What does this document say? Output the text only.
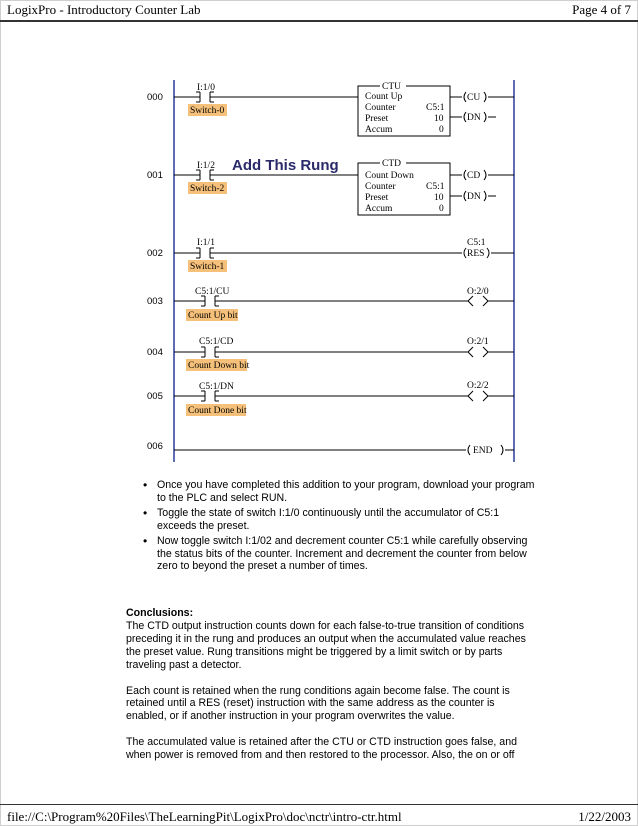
LogixPro - Introductory Counter Lab	Page 4 of 7
000
I:1/0
Switch-0
CTU
Count Up
Counter	C5:1
Preset	10
Accum	0
CU
DN
001
I:1/2
Switch-2
CTD
Count Down
Counter	C5:1
Preset	10
Accum	0
CD
DN
002
I:1/1
Switch-1
C5:1
RES
003
C5:1/CU
Count Up bit
O:2/0
004
C5:1/CD
Count Down bit
O:2/1
005
C5:1/DN
Count Done bit
O:2/2
006	END
Add This Rung
• Once you have completed this addition to your program, download your program to the PLC and select RUN.
• Toggle the state of switch I:1/0 continuously until the accumulator of C5:1 exceeds the preset.
• Now toggle switch I:1/02 and decrement counter C5:1 while carefully observing the status bits of the counter. Increment and decrement the counter from below zero to beyond the preset a number of times.
Conclusions:

The CTD output instruction counts down for each false-to-true transition of conditions preceding it in the rung and produces an output when the accumulated value reaches the preset value. Rung transitions might be triggered by a limit switch or by parts traveling past a detector.

Each count is retained when the rung conditions again become false. The count is retained until a RES (reset) instruction with the same address as the counter is enabled, or if another instruction in your program overwrites the value.

The accumulated value is retained after the CTU or CTD instruction goes false, and when power is removed from and then restored to the processor. Also, the on or off

file://C:\Program%20Files\TheLearningPit\LogixPro\doc\nctr\intro-ctr.html	1/22/2003
